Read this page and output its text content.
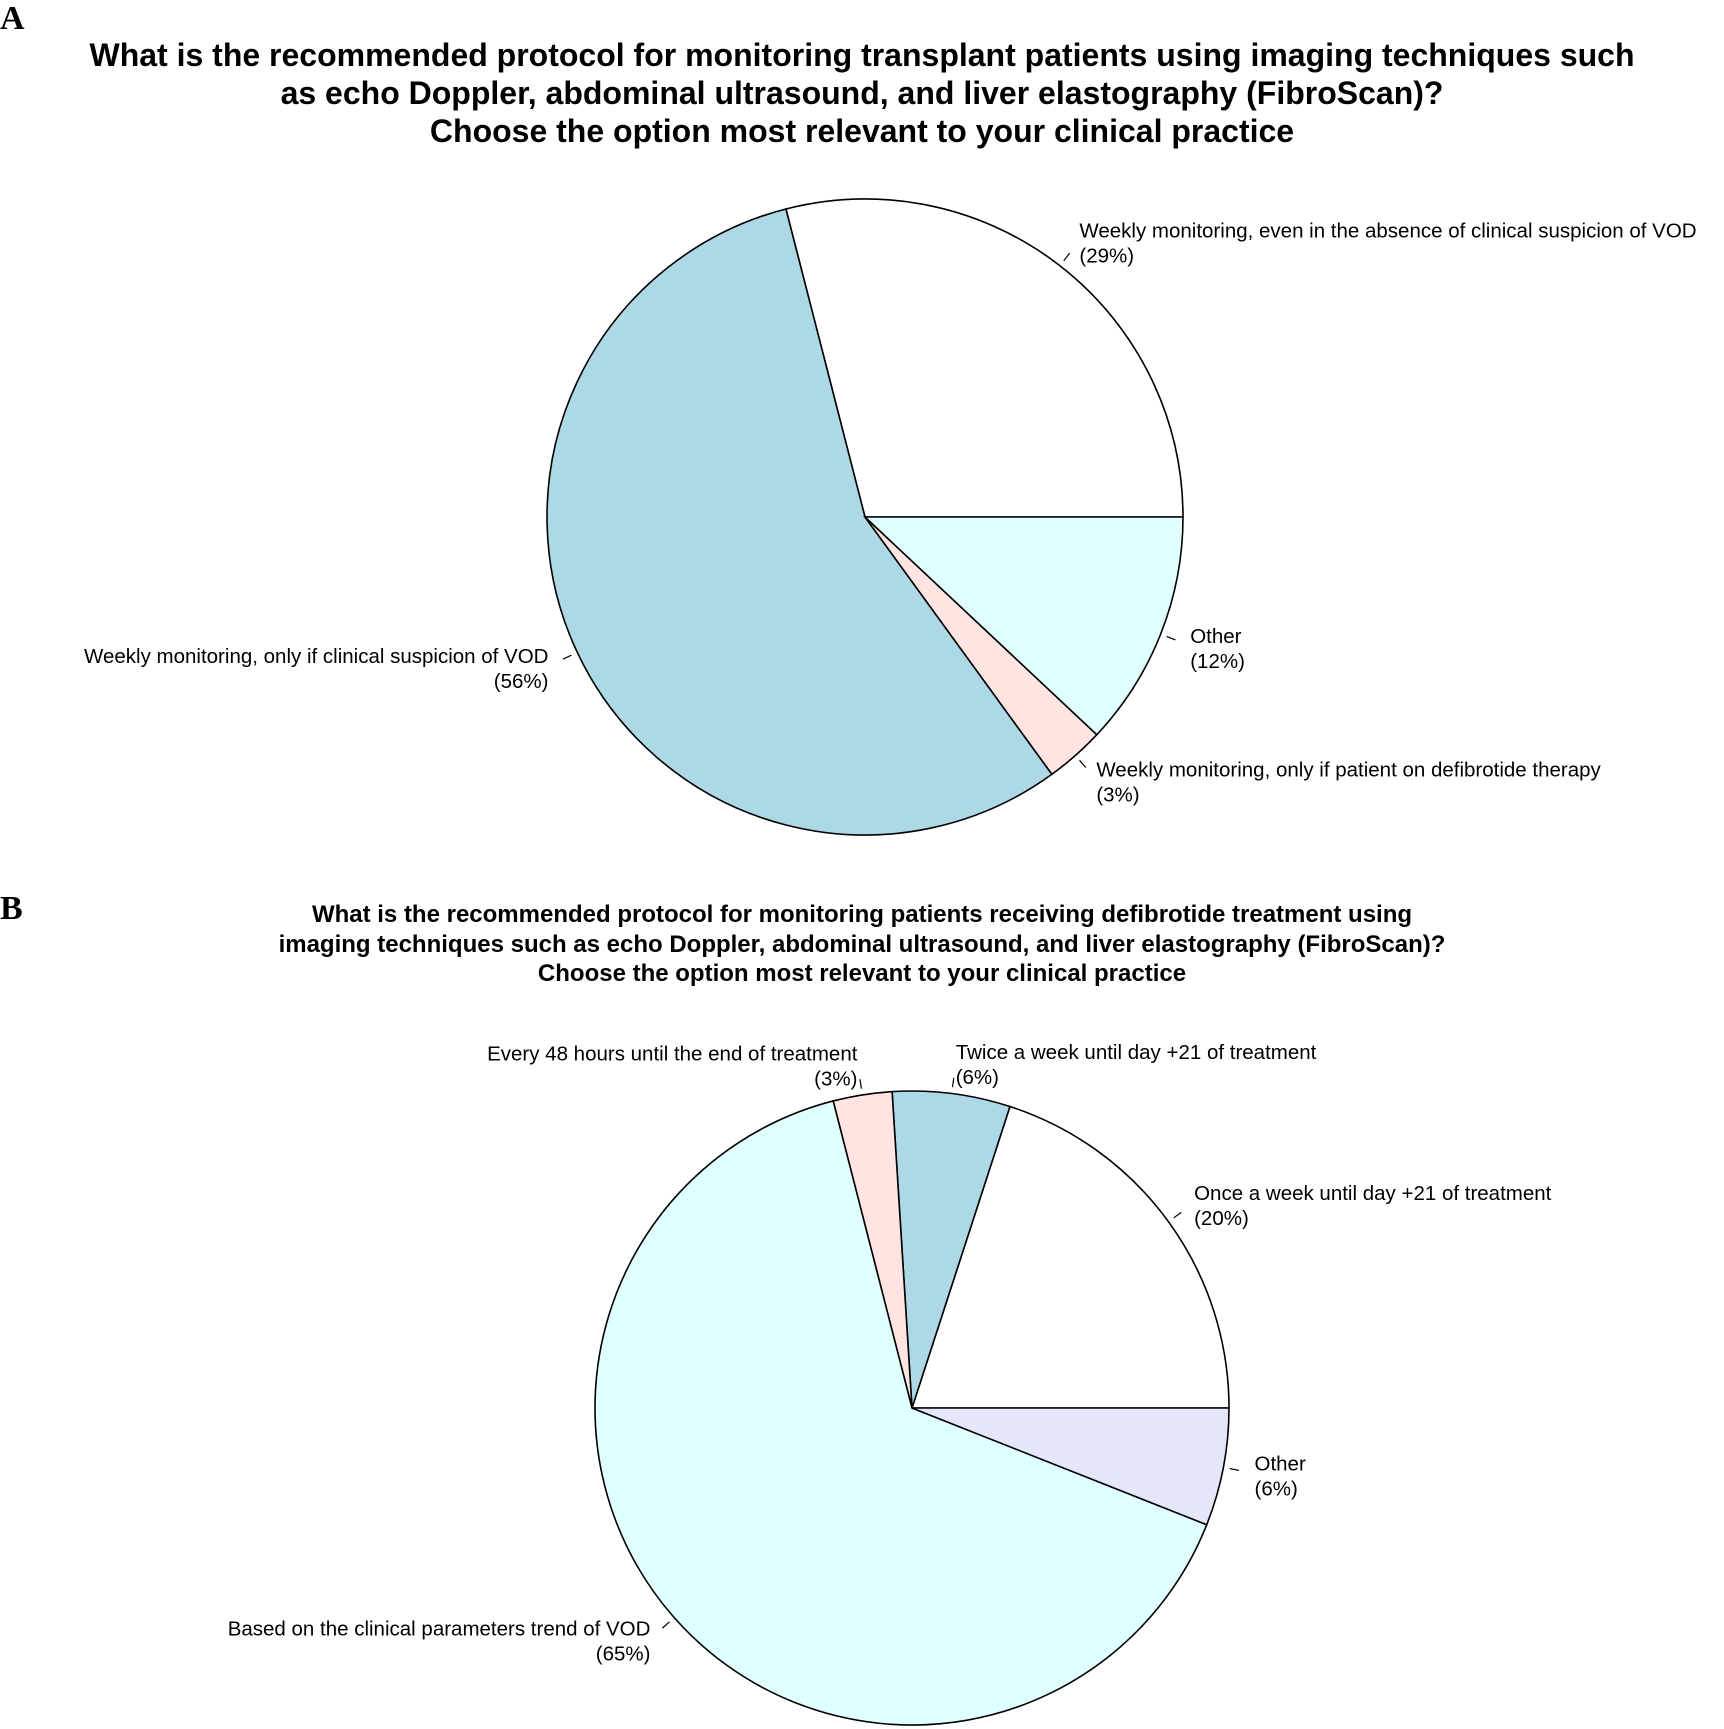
A
What is the recommended protocol for monitoring transplant patients using imaging techniques such
as echo Doppler, abdominal ultrasound, and liver elastography (FibroScan)?
Choose the option most relevant to your clinical practice
B	What is the recommended protocol for monitoring patients receiving defibrotide treatment using
imaging techniques such as echo Doppler, abdominal ultrasound, and liver elastography (FibroScan)?
Choose the option most relevant to your clinical practice
Weekly monitoring, even in the absence of clinical suspicion of VOD
(29%)
Weekly monitoring, only if clinical suspicion of VOD
(56%)
Weekly monitoring, only if patient on defibrotide therapy
(3%)
Other
(12%)
Once a week until day +21 of treatment
(20%)
Twice a week until day +21 of treatment
(6%)
Every 48 hours until the end of treatment
(3%)
Based on the clinical parameters trend of VOD
(65%)
Other
(6%)
